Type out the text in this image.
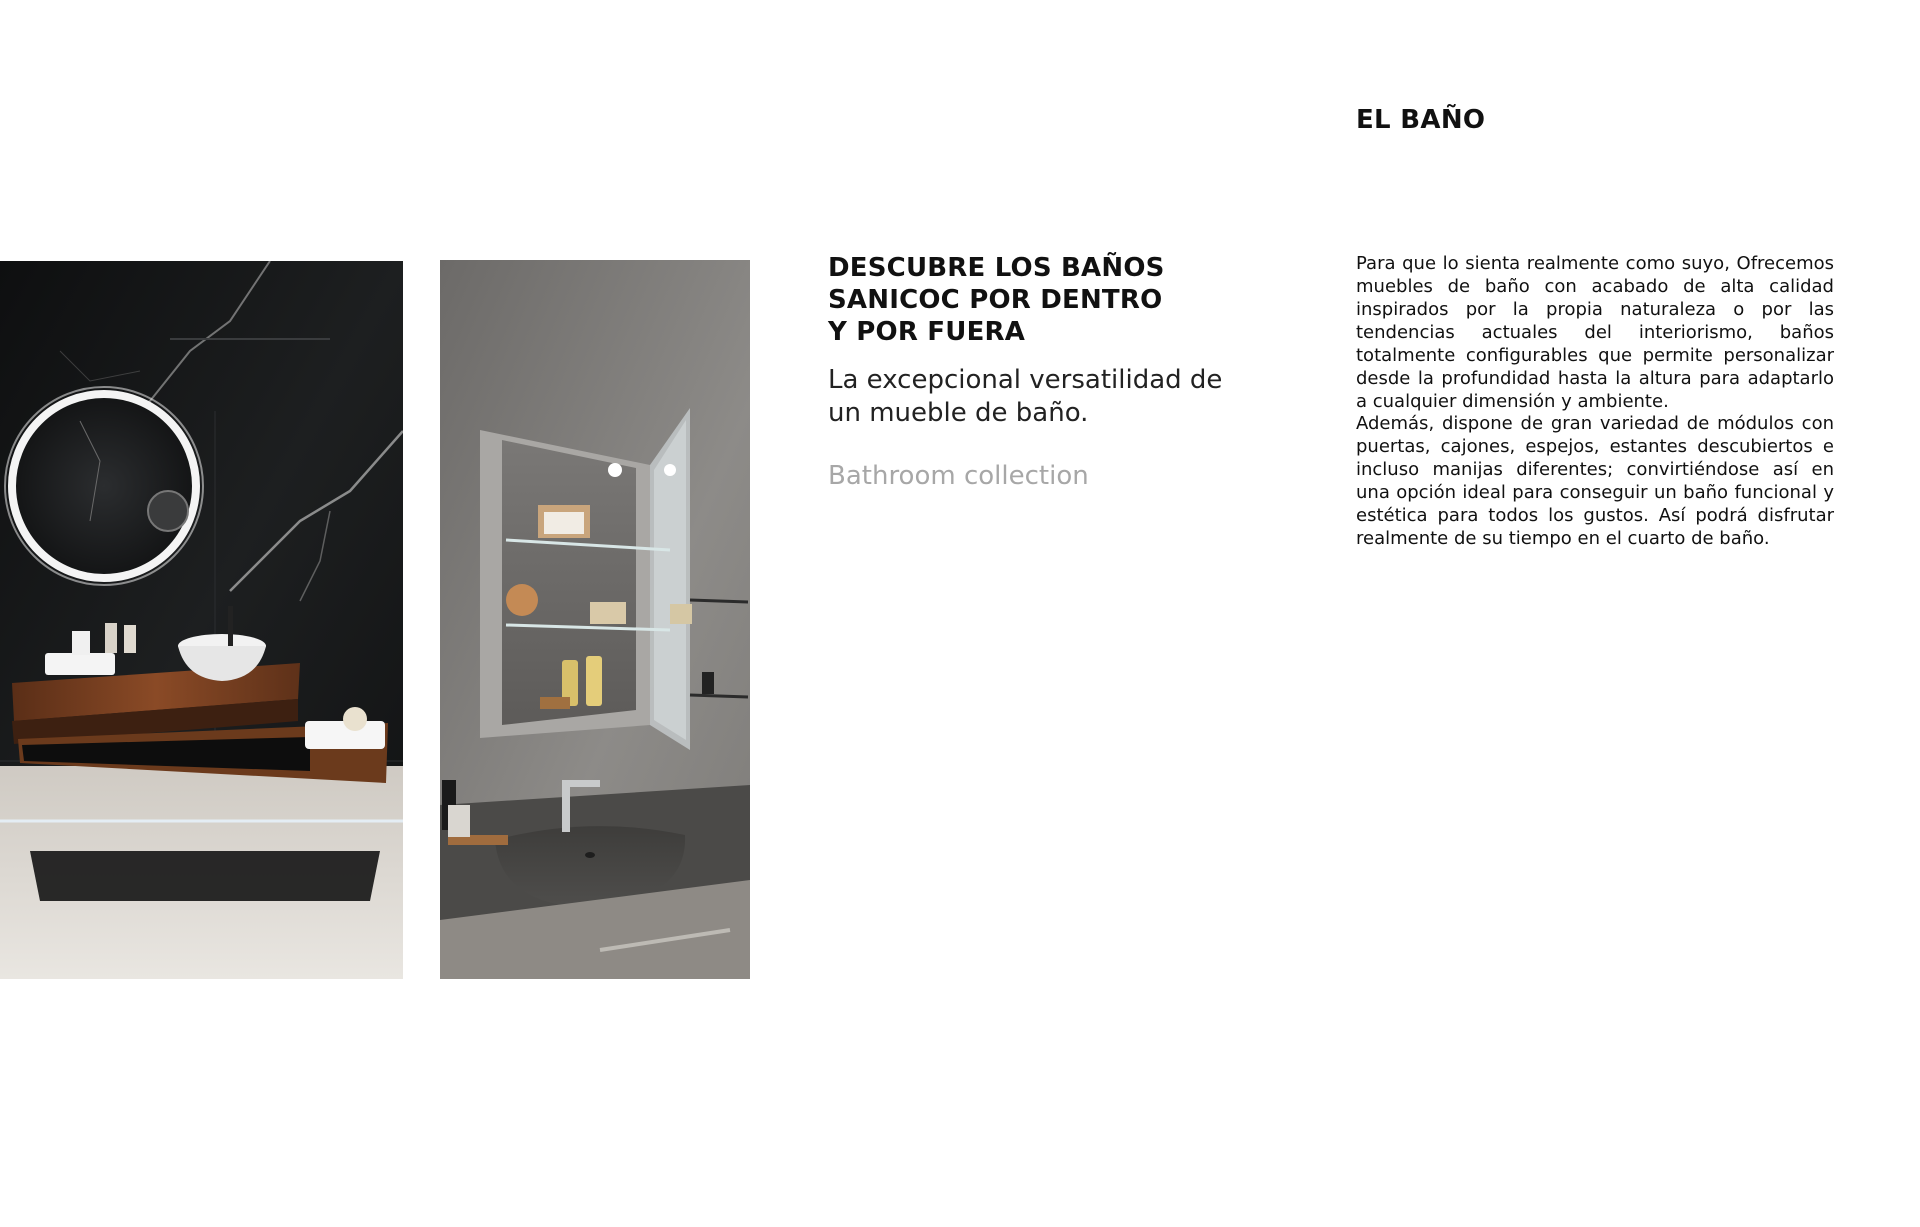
DESCUBRE LOS BAÑOS SANICOC POR DENTRO Y POR FUERA

La excepcional versatilidad de un mueble de baño.

Bathroom collection

EL BAÑO

Para que lo sienta realmente como suyo, Ofrecemos muebles de baño con acabado de alta calidad inspirados por la propia naturaleza o por las tendencias actuales del interiorismo, baños totalmente configurables que permite personalizar desde la profundidad hasta la altura para adaptarlo a cualquier dimensión y ambiente.

Además, dispone de gran variedad de módulos con puertas, cajones, espejos, estantes descubiertos e incluso manijas diferentes; convirtiéndose así en una opción ideal para conseguir un baño funcional y estética para todos los gustos. Así podrá disfrutar realmente de su tiempo en el cuarto de baño.
